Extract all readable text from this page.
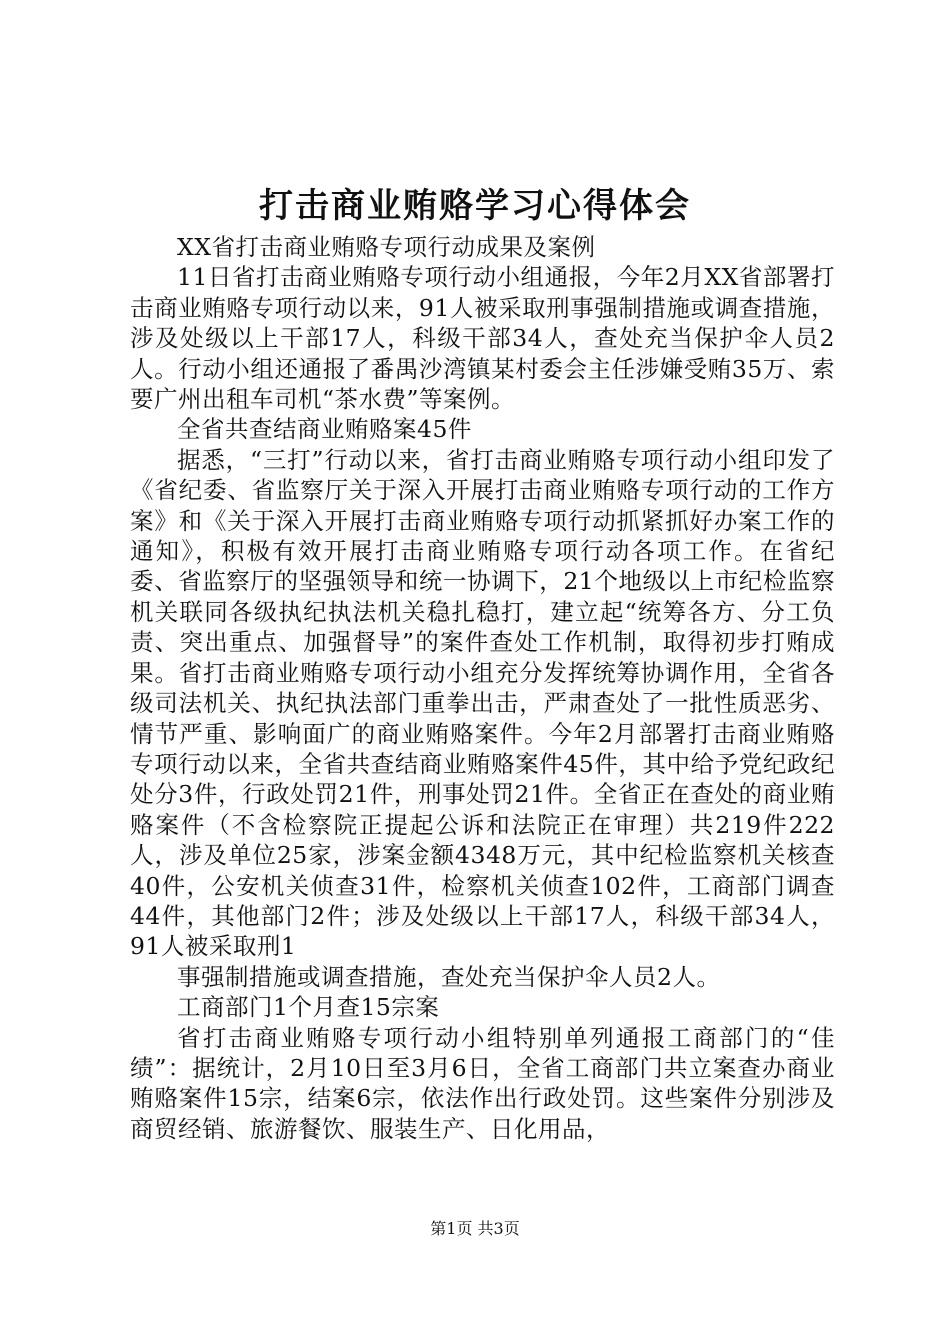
打击商业贿赂学习心得体会

XX省打击商业贿赂专项行动成果及案例

11日省打击商业贿赂专项行动小组通报，今年2月XX省部署打击商业贿赂专项行动以来，91人被采取刑事强制措施或调查措施，涉及处级以上干部17人，科级干部34人，查处充当保护伞人员2人。行动小组还通报了番禺沙湾镇某村委会主任涉嫌受贿35万、索要广州出租车司机“茶水费”等案例。

全省共查结商业贿赂案45件

据悉，“三打”行动以来，省打击商业贿赂专项行动小组印发了《省纪委、省监察厅关于深入开展打击商业贿赂专项行动的工作方案》和《关于深入开展打击商业贿赂专项行动抓紧抓好办案工作的通知》，积极有效开展打击商业贿赂专项行动各项工作。在省纪委、省监察厅的坚强领导和统一协调下，21个地级以上市纪检监察机关联同各级执纪执法机关稳扎稳打，建立起“统筹各方、分工负责、突出重点、加强督导”的案件查处工作机制，取得初步打贿成果。省打击商业贿赂专项行动小组充分发挥统筹协调作用，全省各级司法机关、执纪执法部门重拳出击，严肃查处了一批性质恶劣、情节严重、影响面广的商业贿赂案件。今年2月部署打击商业贿赂专项行动以来，全省共查结商业贿赂案件45件，其中给予党纪政纪处分3件，行政处罚21件，刑事处罚21件。全省正在查处的商业贿赂案件（不含检察院正提起公诉和法院正在审理）共219件222人，涉及单位25家，涉案金额4348万元，其中纪检监察机关核查40件，公安机关侦查31件，检察机关侦查102件，工商部门调查44件，其他部门2件；涉及处级以上干部17人，科级干部34人，91人被采取刑1

事强制措施或调查措施，查处充当保护伞人员2人。

工商部门1个月查15宗案

省打击商业贿赂专项行动小组特别单列通报工商部门的“佳绩”：据统计，2月10日至3月6日，全省工商部门共立案查办商业贿赂案件15宗，结案6宗，依法作出行政处罚。这些案件分别涉及商贸经销、旅游餐饮、服装生产、日化用品，

第1页 共3页
